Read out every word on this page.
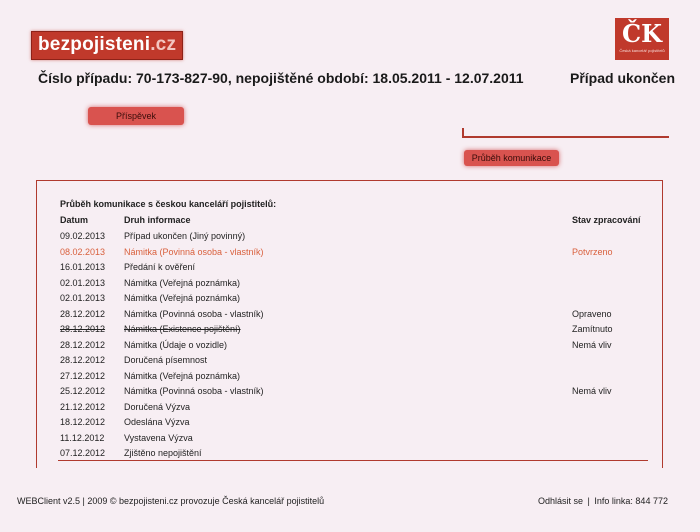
bezpojisteni.cz	ČK
Česká kancelář pojistitelů
Číslo případu: 70-173-827-90, nepojištěné období: 18.05.2011 - 12.07.2011	Případ ukončen
Příspěvek
Průběh komunikace
Průběh komunikace s českou kanceláří pojistitelů:
Datum	Druh informace	Stav zpracování
09.02.2013 Případ ukončen (Jiný povinný)
08.02.2013 Námitka (Povinná osoba - vlastník)	Potvrzeno
16.01.2013 Předání k ověření
02.01.2013 Námitka (Veřejná poznámka)
02.01.2013 Námitka (Veřejná poznámka)
28.12.2012 Námitka (Povinná osoba - vlastník)	Opraveno
28.12.2012 Námitka (Existence pojištění)	Zamítnuto
28.12.2012 Námitka (Údaje o vozidle)	Nemá vliv
28.12.2012 Doručená písemnost
27.12.2012 Námitka (Veřejná poznámka)
25.12.2012 Námitka (Povinná osoba - vlastník)	Nemá vliv
21.12.2012 Doručená Výzva
18.12.2012 Odeslána Výzva
11.12.2012 Vystavena Výzva
07.12.2012 Zjištěno nepojištění
WEBClient v2.5 | 2009 © bezpojisteni.cz provozuje Česká kancelář pojistitelů	Odhlásit se | Info linka: 844 772
